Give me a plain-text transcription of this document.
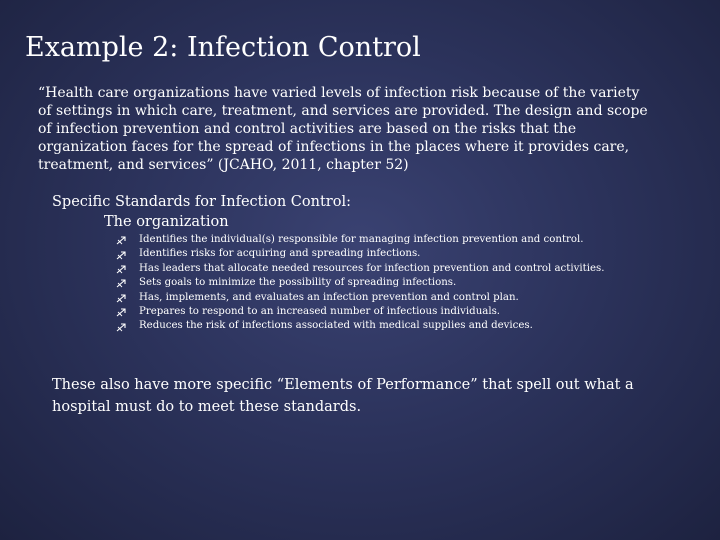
Example 2: Infection Control
“Health care organizations have varied levels of infection risk because of the variety
of settings in which care, treatment, and services are provided. The design and scope
of infection prevention and control activities are based on the risks that the
organization faces for the spread of infections in the places where it provides care,
treatment, and services” (JCAHO, 2011, chapter 52)
Specific Standards for Infection Control:
The organization
Identifies the individual(s) responsible for managing infection prevention and control.
Identifies risks for acquiring and spreading infections.
Has leaders that allocate needed resources for infection prevention and control activities.
Sets goals to minimize the possibility of spreading infections.
Has, implements, and evaluates an infection prevention and control plan.
Prepares to respond to an increased number of infectious individuals.
Reduces the risk of infections associated with medical supplies and devices.
These also have more specific “Elements of Performance” that spell out what a
hospital must do to meet these standards.
